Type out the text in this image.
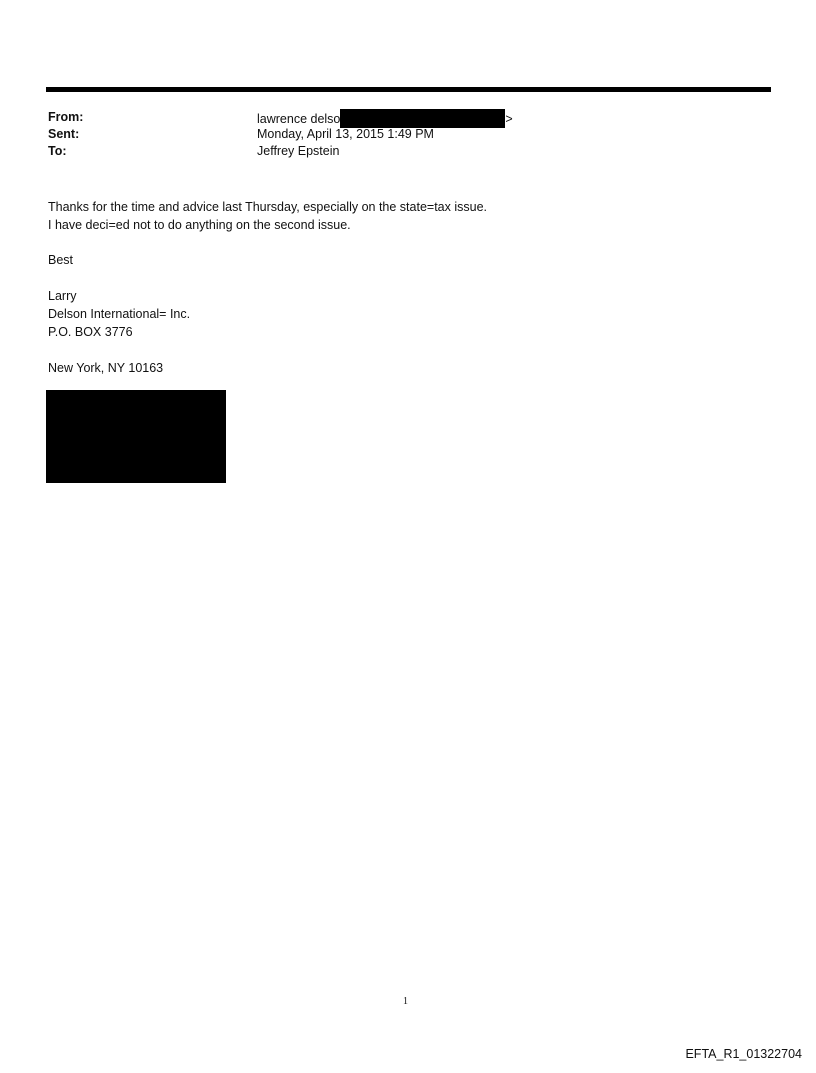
From:	lawrence delso	>
Sent:	Monday, April 13, 2015 1:49 PM
To:	Jeffrey Epstein
Thanks for the time and advice last Thursday, especially on the state=tax issue.
I have deci=ed not to do anything on the second issue.
Best
Larry
Delson International= Inc.
P.O. BOX 3776
New York, NY 10163
1
EFTA_R1_01322704
